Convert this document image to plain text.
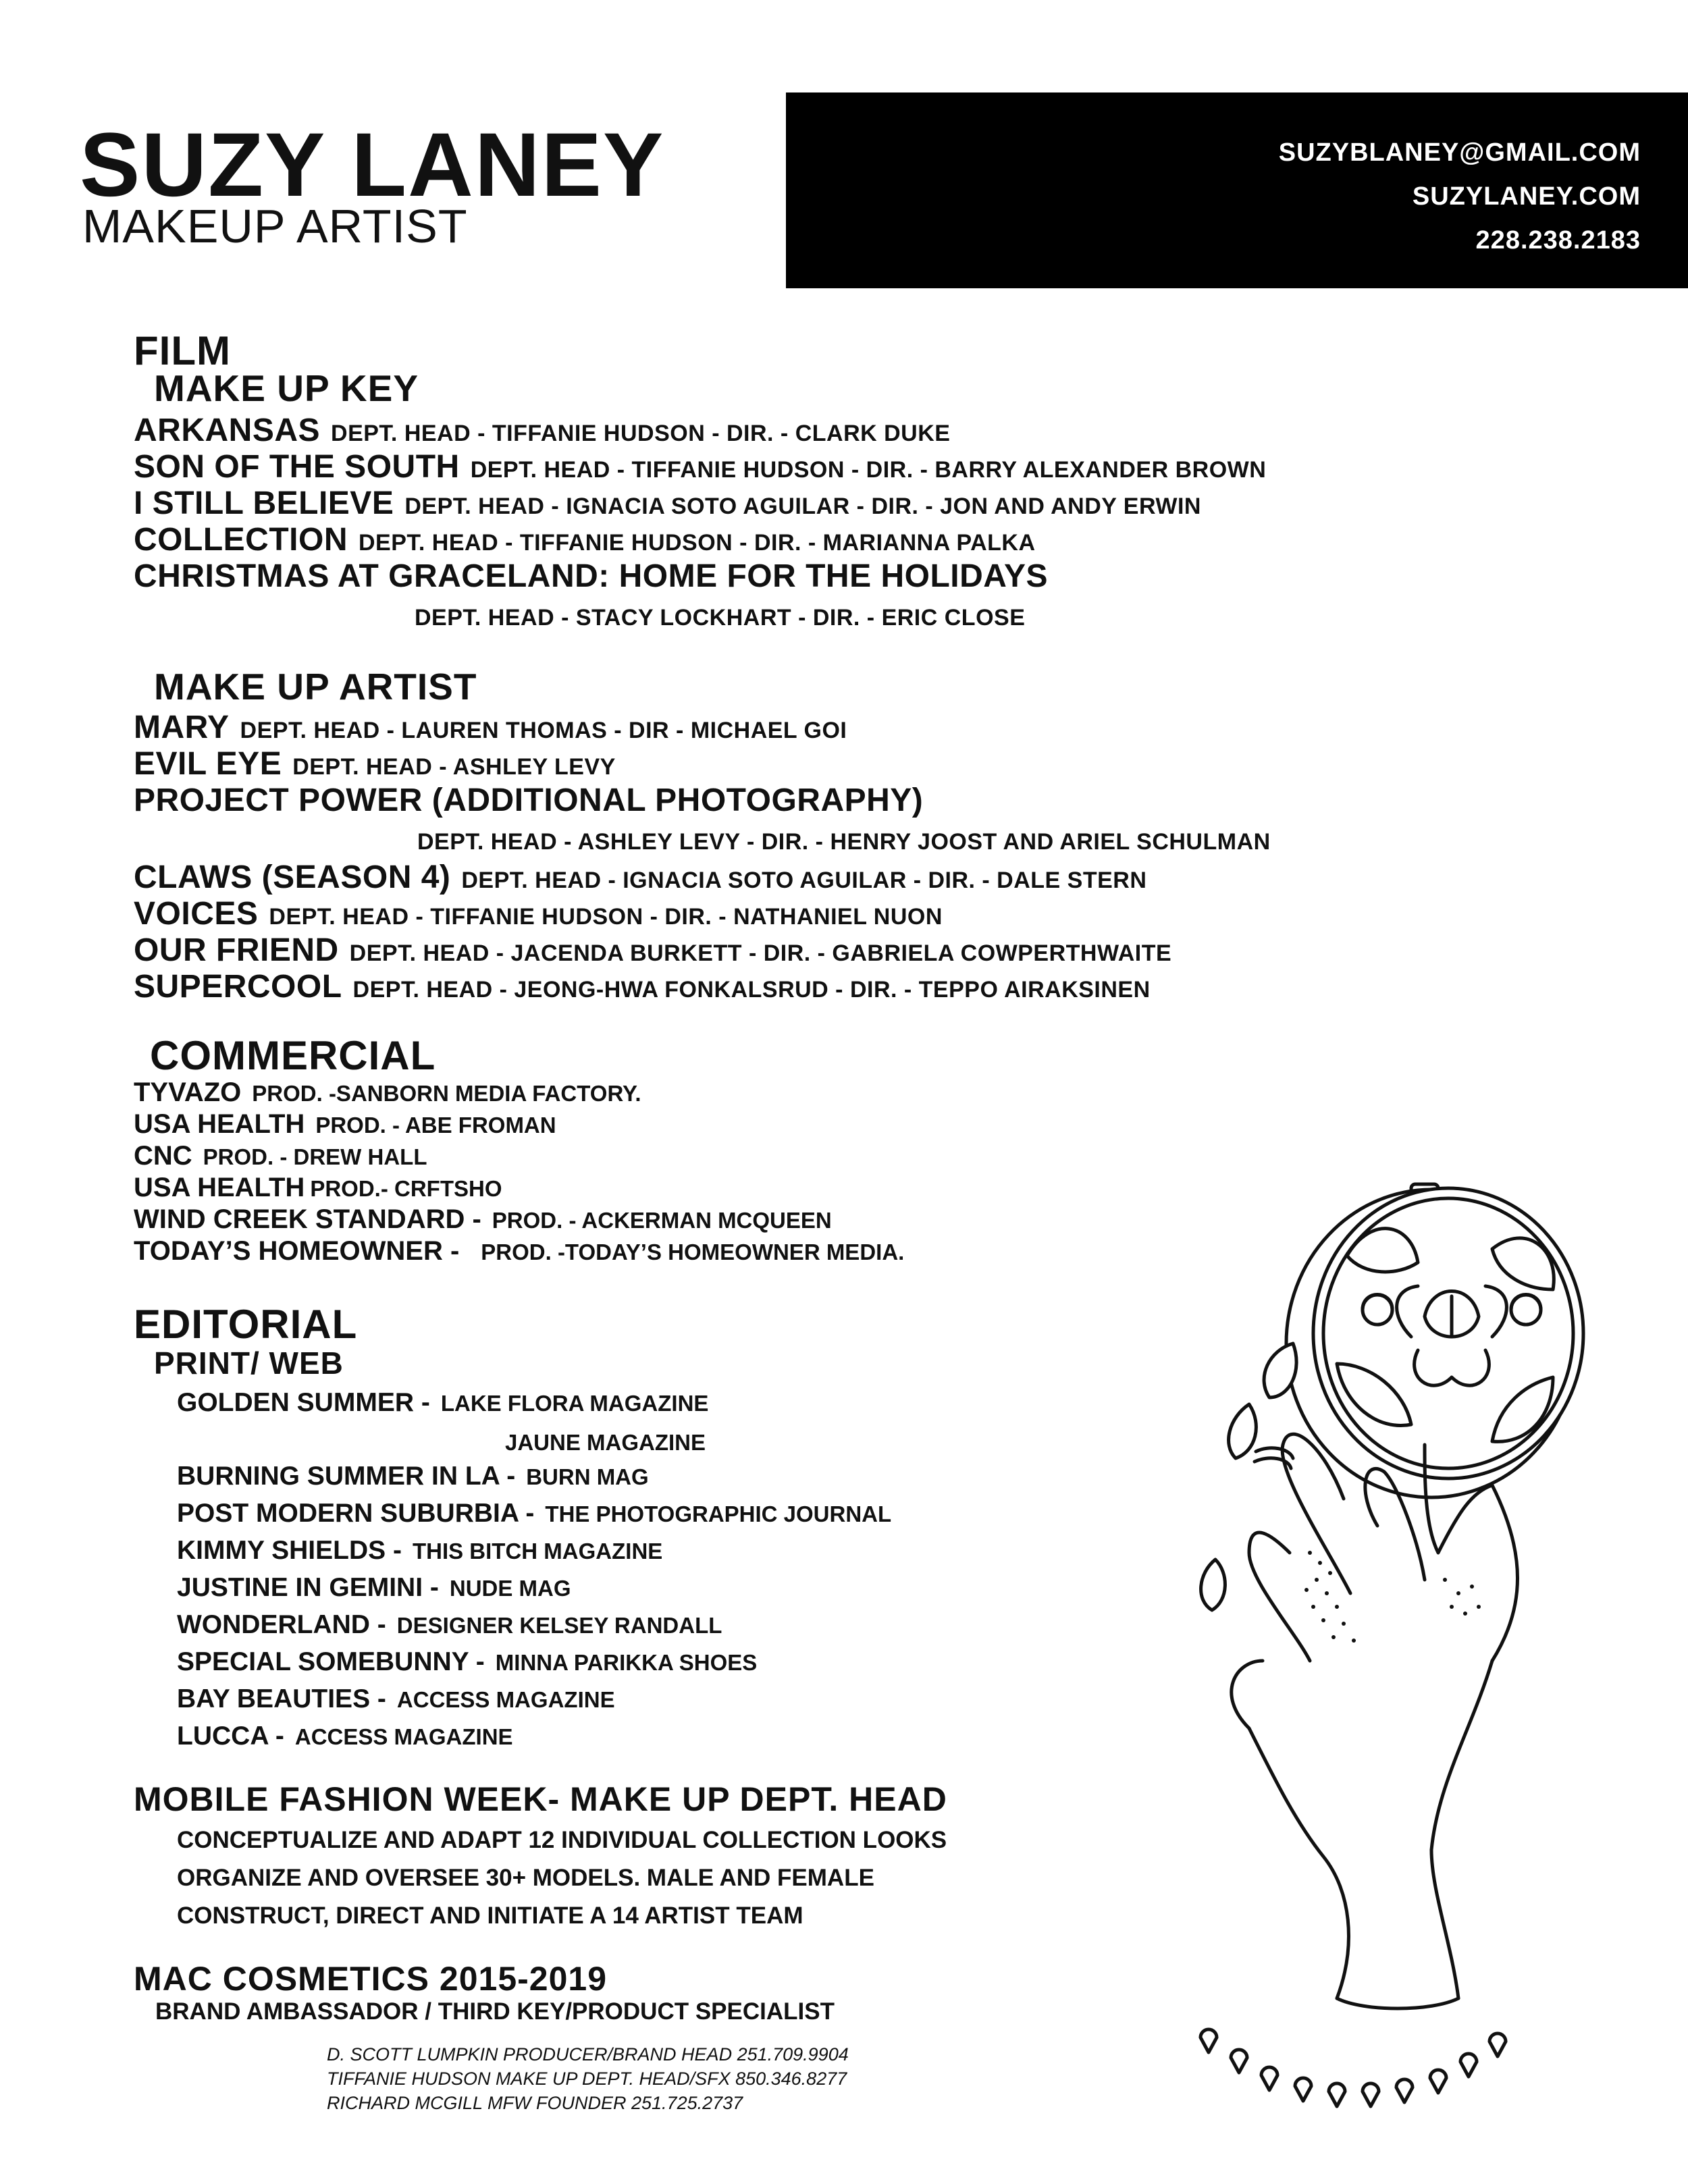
SUZY LANEY
MAKEUP ARTIST
SUZYBLANEY@GMAIL.COM
SUZYLANEY.COM
228.238.2183
FILM
MAKE UP KEY
ARKANSAS DEPT. HEAD - TIFFANIE HUDSON - DIR. - CLARK DUKE
SON OF THE SOUTH DEPT. HEAD - TIFFANIE HUDSON - DIR. - BARRY ALEXANDER BROWN
I STILL BELIEVE DEPT. HEAD - IGNACIA SOTO AGUILAR - DIR. - JON AND ANDY ERWIN
COLLECTION DEPT. HEAD - TIFFANIE HUDSON - DIR. - MARIANNA PALKA
CHRISTMAS AT GRACELAND: HOME FOR THE HOLIDAYS
DEPT. HEAD - STACY LOCKHART - DIR. - ERIC CLOSE
MAKE UP ARTIST
MARY DEPT. HEAD - LAUREN THOMAS - DIR - MICHAEL GOI
EVIL EYE DEPT. HEAD - ASHLEY LEVY
PROJECT POWER (ADDITIONAL PHOTOGRAPHY)
DEPT. HEAD - ASHLEY LEVY - DIR. - HENRY JOOST AND ARIEL SCHULMAN
CLAWS (SEASON 4) DEPT. HEAD - IGNACIA SOTO AGUILAR - DIR. - DALE STERN
VOICES DEPT. HEAD - TIFFANIE HUDSON - DIR. - NATHANIEL NUON
OUR FRIEND DEPT. HEAD - JACENDA BURKETT - DIR. - GABRIELA COWPERTHWAITE
SUPERCOOL DEPT. HEAD - JEONG-HWA FONKALSRUD - DIR. - TEPPO AIRAKSINEN
COMMERCIAL
TYVAZO PROD. -SANBORN MEDIA FACTORY.
USA HEALTH PROD. - ABE FROMAN
CNC PROD. - DREW HALL
USA HEALTH PROD.- CRFTSHO
WIND CREEK STANDARD - PROD. - ACKERMAN MCQUEEN
TODAY’S HOMEOWNER - PROD. -TODAY’S HOMEOWNER MEDIA.
EDITORIAL
PRINT/ WEB
GOLDEN SUMMER - LAKE FLORA MAGAZINE
JAUNE MAGAZINE
BURNING SUMMER IN LA - BURN MAG
POST MODERN SUBURBIA - THE PHOTOGRAPHIC JOURNAL
KIMMY SHIELDS - THIS BITCH MAGAZINE
JUSTINE IN GEMINI - NUDE MAG
WONDERLAND - DESIGNER KELSEY RANDALL
SPECIAL SOMEBUNNY - MINNA PARIKKA SHOES
BAY BEAUTIES - ACCESS MAGAZINE
LUCCA - ACCESS MAGAZINE
MOBILE FASHION WEEK- MAKE UP DEPT. HEAD
CONCEPTUALIZE AND ADAPT 12 INDIVIDUAL COLLECTION LOOKS
ORGANIZE AND OVERSEE 30+ MODELS. MALE AND FEMALE
CONSTRUCT, DIRECT AND INITIATE A 14 ARTIST TEAM
MAC COSMETICS 2015-2019
BRAND AMBASSADOR / THIRD KEY/PRODUCT SPECIALIST
D. SCOTT LUMPKIN PRODUCER/BRAND HEAD 251.709.9904
TIFFANIE HUDSON MAKE UP DEPT. HEAD/SFX 850.346.8277
RICHARD MCGILL MFW FOUNDER 251.725.2737
